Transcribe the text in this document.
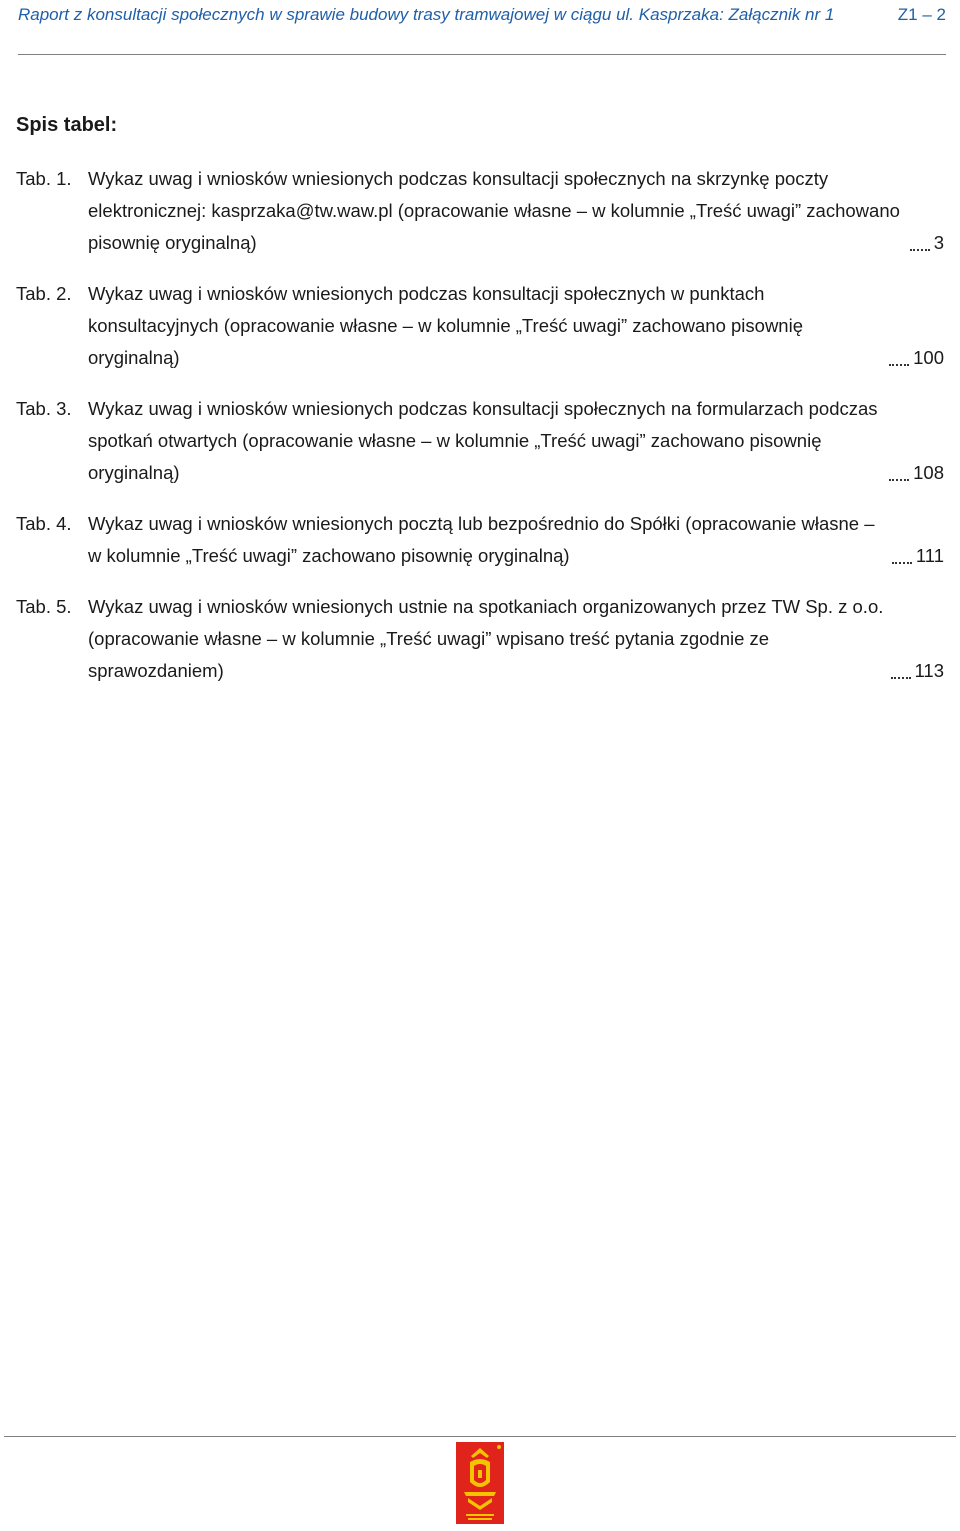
Raport z konsultacji społecznych w sprawie budowy trasy tramwajowej w ciągu ul. Kasprzaka: Załącznik nr 1	Z1 – 2
Spis tabel:
Tab. 1. Wykaz uwag i wniosków wniesionych podczas konsultacji społecznych na skrzynkę poczty elektronicznej: kasprzaka@tw.waw.pl (opracowanie własne – w kolumnie „Treść uwagi” zachowano pisownię oryginalną)	3
Tab. 2. Wykaz uwag i wniosków wniesionych podczas konsultacji społecznych w punktach konsultacyjnych (opracowanie własne – w kolumnie „Treść uwagi” zachowano pisownię oryginalną)	100
Tab. 3. Wykaz uwag i wniosków wniesionych podczas konsultacji społecznych na formularzach podczas spotkań otwartych (opracowanie własne – w kolumnie „Treść uwagi” zachowano pisownię oryginalną)	108
Tab. 4. Wykaz uwag i wniosków wniesionych pocztą lub bezpośrednio do Spółki (opracowanie własne – w kolumnie „Treść uwagi” zachowano pisownię oryginalną)	111
Tab. 5. Wykaz uwag i wniosków wniesionych ustnie na spotkaniach organizowanych przez TW Sp. z o.o. (opracowanie własne – w kolumnie „Treść uwagi” wpisano treść pytania zgodnie ze sprawozdaniem)	113
